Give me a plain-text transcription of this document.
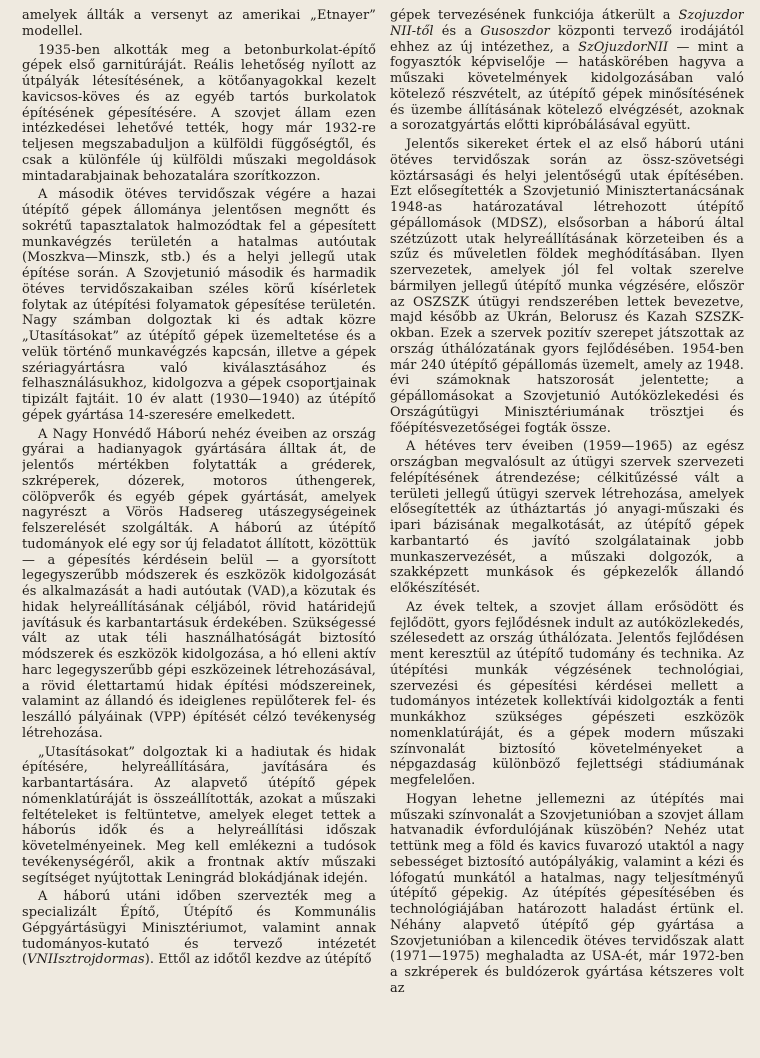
amelyek állták a versenyt az amerikai „Etnayer” modellel.

1935-ben alkották meg a betonburkolat-építő gépek első garnitúráját. Reális lehetőség nyílott az útpályák létesítésének, a kötőanyagokkal kezelt kavicsos-köves és az egyéb tartós burkolatok építésének gépesítésére. A szovjet állam ezen intézkedései lehetővé tették, hogy már 1932-re teljesen megszabaduljon a külföldi függőségtől, és csak a különféle új külföldi műszaki megoldások mintadarabjainak behozatalára szorítkozzon.

A második ötéves tervidőszak végére a hazai útépítő gépek állománya jelentősen megnőtt és sokrétű tapasztalatok halmozódtak fel a gépesített munkavégzés területén a hatalmas autóutak (Moszkva—Minszk, stb.) és a helyi jellegű utak építése során. A Szovjetunió második és harmadik ötéves tervidőszakaiban széles körű kísérletek folytak az útépítési folyamatok gépesítése területén. Nagy számban dolgoztak ki és adtak közre „Utasításokat” az útépítő gépek üzemeltetése és a velük történő munkavégzés kapcsán, illetve a gépek szériagyártásra való kiválasztásához és felhasználásukhoz, kidolgozva a gépek csoportjainak tipizált fajtáit. 10 év alatt (1930—1940) az útépítő gépek gyártása 14-szeresére emelkedett.

A Nagy Honvédő Háború nehéz éveiben az ország gyárai a hadianyagok gyártására álltak át, de jelentős mértékben folytatták a gréderek, szkréperek, dózerek, motoros úthengerek, cölöpverők és egyéb gépek gyártását, amelyek nagyrészt a Vörös Hadsereg utászegységeinek felszerelését szolgálták. A háború az útépítő tudományok elé egy sor új feladatot állított, közöttük — a gépesítés kérdésein belül — a gyorsított legegyszerűbb módszerek és eszközök kidolgozását és alkalmazását a hadi autóutak (VAD),a közutak és hidak helyreállításának céljából, rövid határidejű javításuk és karbantartásuk érdekében. Szükségessé vált az utak téli használhatóságát biztosító módszerek és eszközök kidolgozása, a hó elleni aktív harc legegyszerűbb gépi eszközeinek létrehozásával, a rövid élettartamú hidak építési módszereinek, valamint az állandó és ideiglenes repülőterek fel- és leszálló pályáinak (VPP) építését célzó tevékenység létrehozása.

„Utasításokat” dolgoztak ki a hadiutak és hidak építésére, helyreállítására, javítására és karbantartására. Az alapvető útépítő gépek nómenklatúráját is összeállították, azokat a műszaki feltételeket is feltüntetve, amelyek eleget tettek a háborús idők és a helyreállítási időszak követelményeinek. Meg kell emlékezni a tudósok tevékenységéről, akik a frontnak aktív műszaki segítséget nyújtottak Leningrád blokádjának idején.

A háború utáni időben szervezték meg a specializált Építő, Útépítő és Kommunális Gépgyártásügyi Minisztériumot, valamint annak tudományos-kutató és tervező intézetét (VNIIsztrojdormas). Ettől az időtől kezdve az útépítő

gépek tervezésének funkciója átkerült a Szojuzdor NII-től és a Gusoszdor központi tervező irodájától ehhez az új intézethez, a SzOjuzdorNII — mint a fogyasztók képviselője — hatáskörében hagyva a műszaki követelmények kidolgozásában való kötelező részvételt, az útépítő gépek minősítésének és üzembe állításának kötelező elvégzését, azoknak a sorozatgyártás előtti kipróbálásával együtt.

Jelentős sikereket értek el az első háború utáni ötéves tervidőszak során az össz-szövetségi köztársasági és helyi jelentőségű utak építésében. Ezt elősegítették a Szovjetunió Minisztertanácsának 1948-as határozatával létrehozott útépítő gépállomások (MDSZ), elsősorban a háború által szétzúzott utak helyreállításának körzeteiben és a szűz és műveletlen földek meghódításában. Ilyen szervezetek, amelyek jól fel voltak szerelve bármilyen jellegű útépítő munka végzésére, először az OSZSZK útügyi rendszerében lettek bevezetve, majd később az Ukrán, Belorusz és Kazah SZSZK-okban. Ezek a szervek pozitív szerepet játszottak az ország úthálózatának gyors fejlődésében. 1954-ben már 240 útépítő gépállomás üzemelt, amely az 1948. évi számoknak hatszorosát jelentette; a gépállomásokat a Szovjetunió Autóközlekedési és Országútügyi Minisztériumának trösztjei és főépítésvezetőségei fogták össze.

A hétéves terv éveiben (1959—1965) az egész országban megvalósult az útügyi szervek szervezeti felépítésének átrendezése; célkitűzéssé vált a területi jellegű útügyi szervek létrehozása, amelyek elősegítették az útháztartás jó anyagi-műszaki és ipari bázisának megalkotását, az útépítő gépek karbantartó és javító szolgálatainak jobb munkaszervezését, a műszaki dolgozók, a szakképzett munkások és gépkezelők állandó előkészítését.

Az évek teltek, a szovjet állam erősödött és fejlődött, gyors fejlődésnek indult az autóközlekedés, szélesedett az ország úthálózata. Jelentős fejlődésen ment keresztül az útépítő tudomány és technika. Az útépítési munkák végzésének technológiai, szervezési és gépesítési kérdései mellett a tudományos intézetek kollektívái kidolgozták a fenti munkákhoz szükséges gépészeti eszközök nomenklatúráját, és a gépek modern műszaki színvonalát biztosító követelményeket a népgazdaság különböző fejlettségi stádiumának megfelelően.

Hogyan lehetne jellemezni az útépítés mai műszaki színvonalát a Szovjetunióban a szovjet állam hatvanadik évfordulójának küszöbén? Nehéz utat tettünk meg a föld és kavics fuvarozó utaktól a nagy sebességet biztosító autópályákig, valamint a kézi és lófogatú munkától a hatalmas, nagy teljesítményű útépítő gépekig. Az útépítés gépesítésében és technológiájában határozott haladást értünk el. Néhány alapvető útépítő gép gyártása a Szovjetunióban a kilencedik ötéves tervidőszak alatt (1971—1975) meghaladta az USA-ét, már 1972-ben a szkréperek és buldózerok gyártása kétszeres volt az
